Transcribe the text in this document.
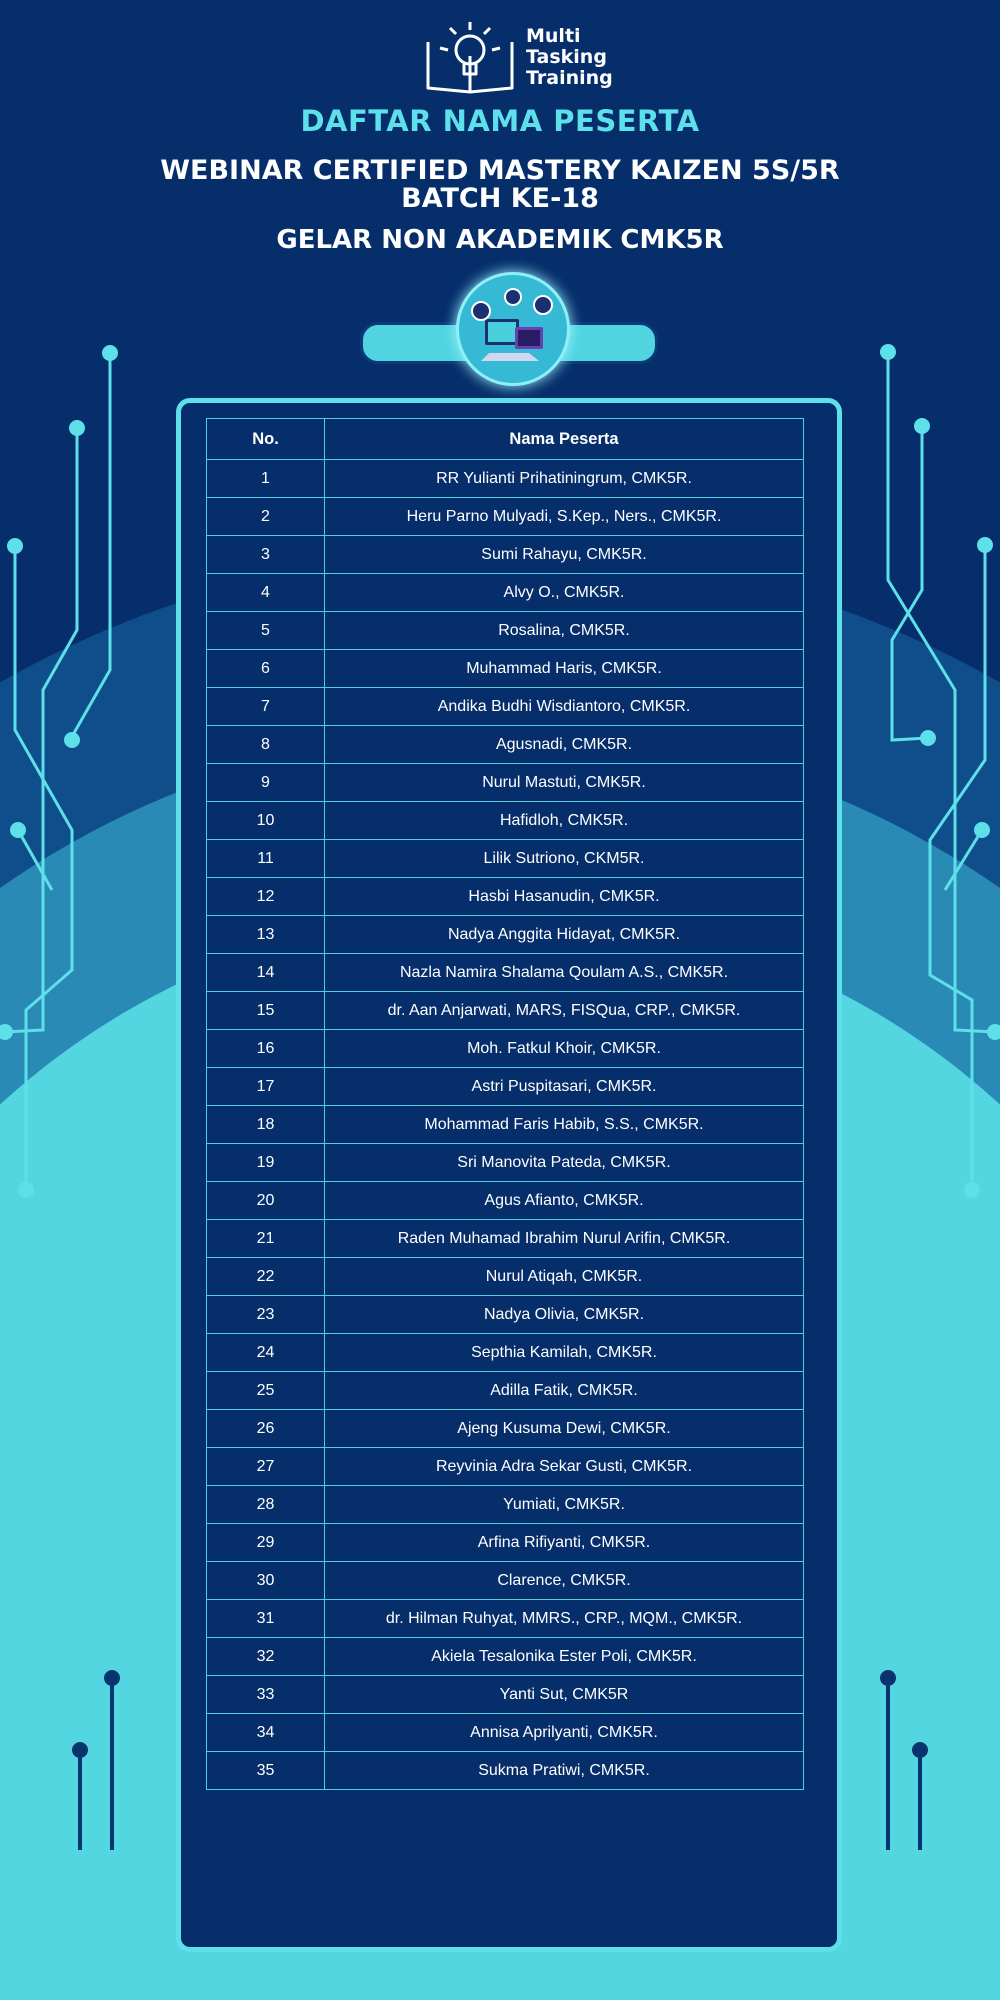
Multi
Tasking
Training
DAFTAR NAMA PESERTA
WEBINAR CERTIFIED MASTERY KAIZEN 5S/5R
BATCH KE-18
GELAR NON AKADEMIK CMK5R
No.	Nama Peserta
1	RR Yulianti Prihatiningrum, CMK5R.
2	Heru Parno Mulyadi, S.Kep., Ners., CMK5R.
3	Sumi Rahayu, CMK5R.
4	Alvy O., CMK5R.
5	Rosalina, CMK5R.
6	Muhammad Haris, CMK5R.
7	Andika Budhi Wisdiantoro, CMK5R.
8	Agusnadi, CMK5R.
9	Nurul Mastuti, CMK5R.
10	Hafidloh, CMK5R.
11	Lilik Sutriono, CKM5R.
12	Hasbi Hasanudin, CMK5R.
13	Nadya Anggita Hidayat, CMK5R.
14	Nazla Namira Shalama Qoulam A.S., CMK5R.
15	dr. Aan Anjarwati, MARS, FISQua, CRP., CMK5R.
16	Moh. Fatkul Khoir, CMK5R.
17	Astri Puspitasari, CMK5R.
18	Mohammad Faris Habib, S.S., CMK5R.
19	Sri Manovita Pateda, CMK5R.
20	Agus Afianto, CMK5R.
21	Raden Muhamad Ibrahim Nurul Arifin, CMK5R.
22	Nurul Atiqah, CMK5R.
23	Nadya Olivia, CMK5R.
24	Septhia Kamilah, CMK5R.
25	Adilla Fatik, CMK5R.
26	Ajeng Kusuma Dewi, CMK5R.
27	Reyvinia Adra Sekar Gusti, CMK5R.
28	Yumiati, CMK5R.
29	Arfina Rifiyanti, CMK5R.
30	Clarence, CMK5R.
31	dr. Hilman Ruhyat, MMRS., CRP., MQM., CMK5R.
32	Akiela Tesalonika Ester Poli, CMK5R.
33	Yanti Sut, CMK5R
34	Annisa Aprilyanti, CMK5R.
35	Sukma Pratiwi, CMK5R.
